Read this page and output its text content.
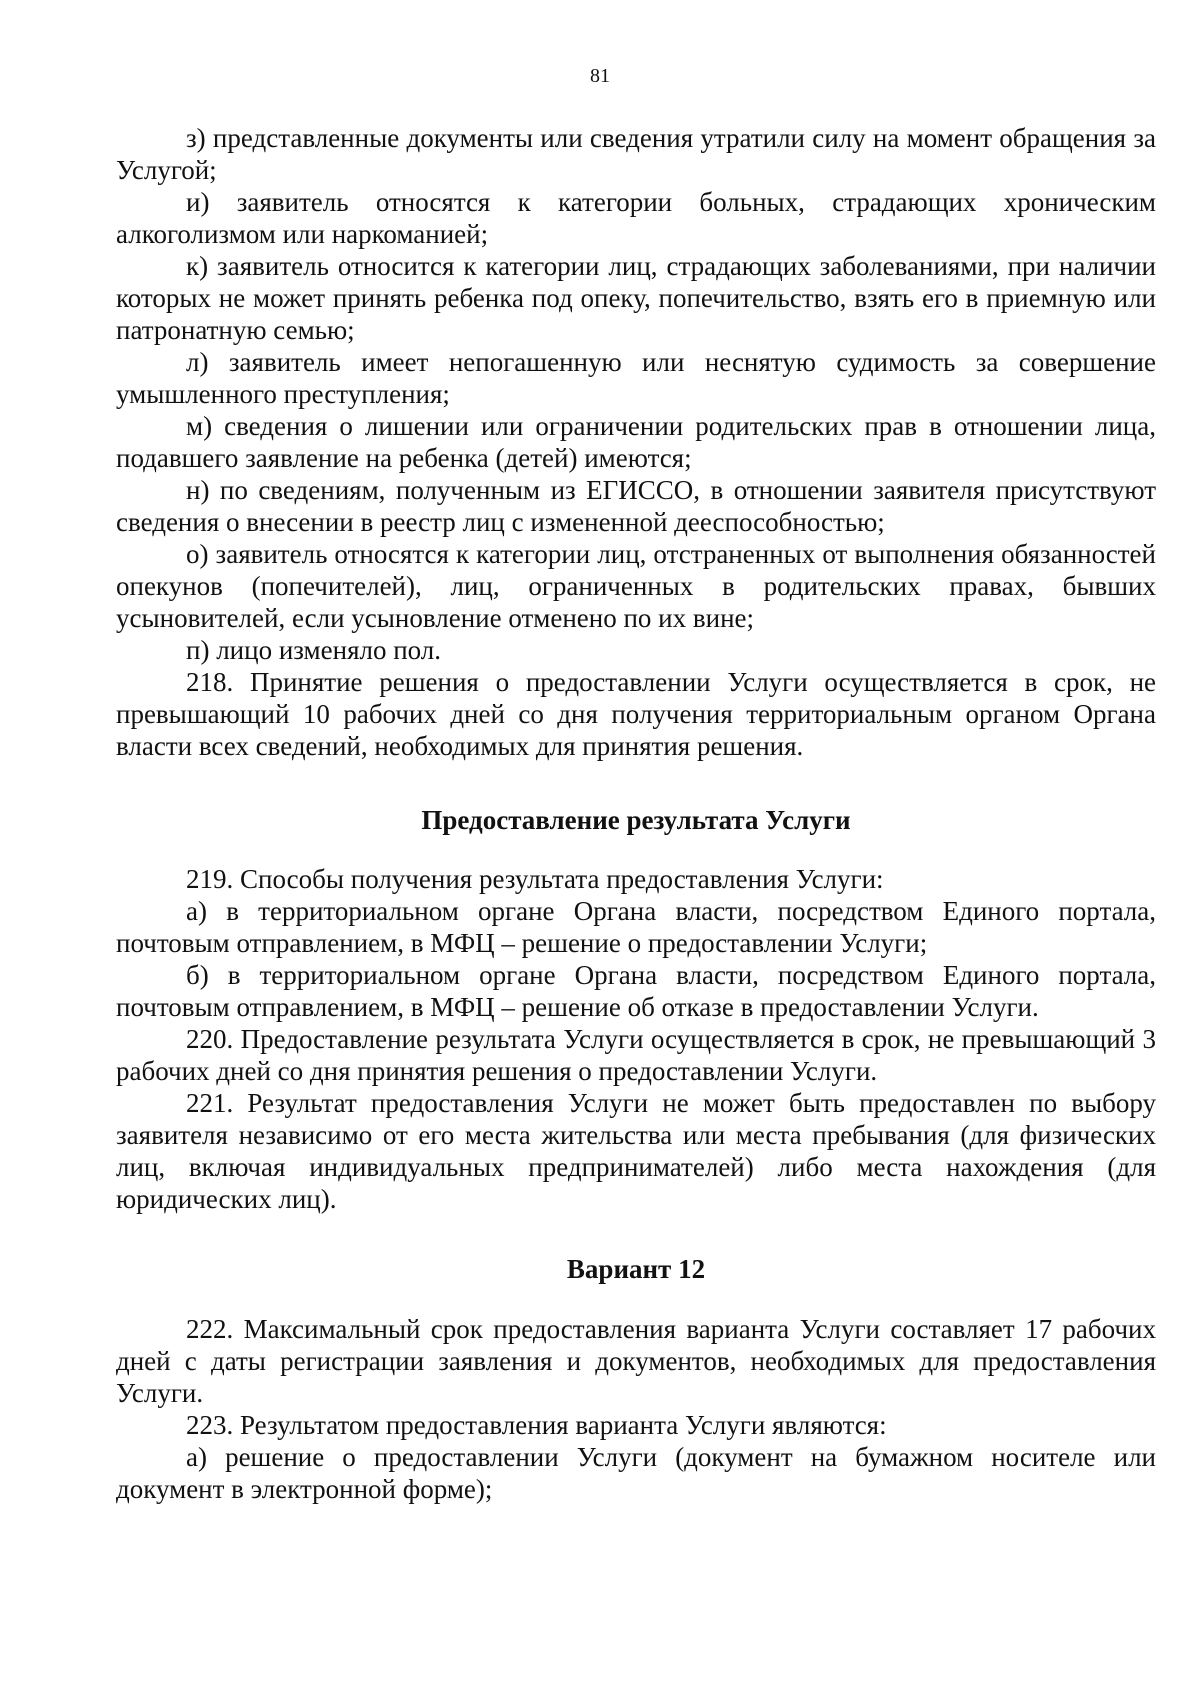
81

з) представленные документы или сведения утратили силу на момент обращения за Услугой;

и) заявитель относятся к категории больных, страдающих хроническим алкоголизмом или наркоманией;

к) заявитель относится к категории лиц, страдающих заболеваниями, при наличии которых не может принять ребенка под опеку, попечительство, взять его в приемную или патронатную семью;

л) заявитель имеет непогашенную или неснятую судимость за совершение умышленного преступления;

м) сведения о лишении или ограничении родительских прав в отношении лица, подавшего заявление на ребенка (детей) имеются;

н) по сведениям, полученным из ЕГИССО, в отношении заявителя присутствуют сведения о внесении в реестр лиц с измененной дееспособностью;

о) заявитель относятся к категории лиц, отстраненных от выполнения обязанностей опекунов (попечителей), лиц, ограниченных в родительских правах, бывших усыновителей, если усыновление отменено по их вине;

п) лицо изменяло пол.

218. Принятие решения о предоставлении Услуги осуществляется в срок, не превышающий 10 рабочих дней со дня получения территориальным органом Органа власти всех сведений, необходимых для принятия решения.

Предоставление результата Услуги

219. Способы получения результата предоставления Услуги:

а) в территориальном органе Органа власти, посредством Единого портала, почтовым отправлением, в МФЦ – решение о предоставлении Услуги;

б) в территориальном органе Органа власти, посредством Единого портала, почтовым отправлением, в МФЦ – решение об отказе в предоставлении Услуги.

220. Предоставление результата Услуги осуществляется в срок, не превышающий 3 рабочих дней со дня принятия решения о предоставлении Услуги.

221. Результат предоставления Услуги не может быть предоставлен по выбору заявителя независимо от его места жительства или места пребывания (для физических лиц, включая индивидуальных предпринимателей) либо места нахождения (для юридических лиц).

Вариант 12

222. Максимальный срок предоставления варианта Услуги составляет 17 рабочих дней с даты регистрации заявления и документов, необходимых для предоставления Услуги.

223. Результатом предоставления варианта Услуги являются:

а) решение о предоставлении Услуги (документ на бумажном носителе или документ в электронной форме);
